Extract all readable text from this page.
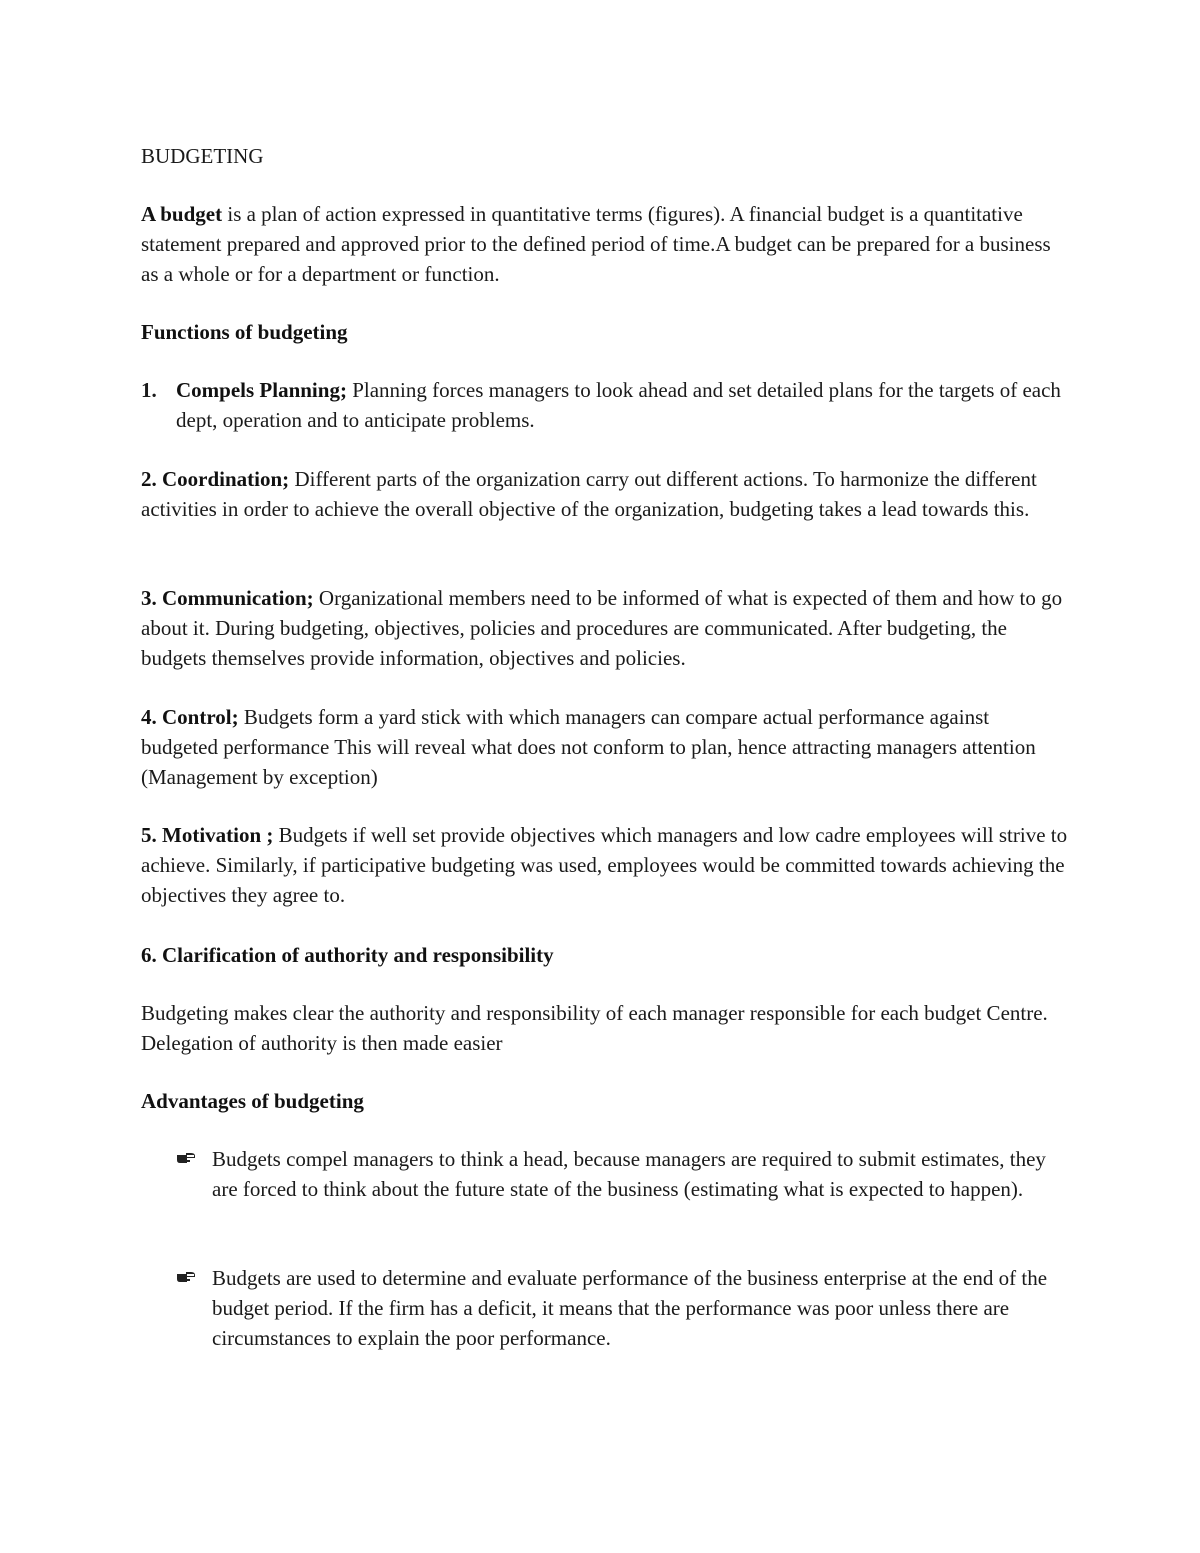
BUDGETING

A budget is a plan of action expressed in quantitative terms (figures). A financial budget is a quantitative statement prepared and approved prior to the defined period of time.A budget can be prepared for a business as a whole or for a department or function.

Functions of budgeting

1. Compels Planning; Planning forces managers to look ahead and set detailed plans for the targets of each dept, operation and to anticipate problems.

2. Coordination; Different parts of the organization carry out different actions. To harmonize the different activities in order to achieve the overall objective of the organization, budgeting takes a lead towards this.

3. Communication; Organizational members need to be informed of what is expected of them and how to go about it. During budgeting, objectives, policies and procedures are communicated. After budgeting, the budgets themselves provide information, objectives and policies.

4. Control; Budgets form a yard stick with which managers can compare actual performance against budgeted performance This will reveal what does not conform to plan, hence attracting managers attention (Management by exception)

5. Motivation ; Budgets if well set provide objectives which managers and low cadre employees will strive to achieve. Similarly, if participative budgeting was used, employees would be committed towards achieving the objectives they agree to.

6. Clarification of authority and responsibility

Budgeting makes clear the authority and responsibility of each manager responsible for each budget Centre. Delegation of authority is then made easier

Advantages of budgeting

Budgets compel managers to think a head, because managers are required to submit estimates, they are forced to think about the future state of the business (estimating what is expected to happen).
Budgets are used to determine and evaluate performance of the business enterprise at the end of the budget period. If the firm has a deficit, it means that the performance was poor unless there are circumstances to explain the poor performance.
